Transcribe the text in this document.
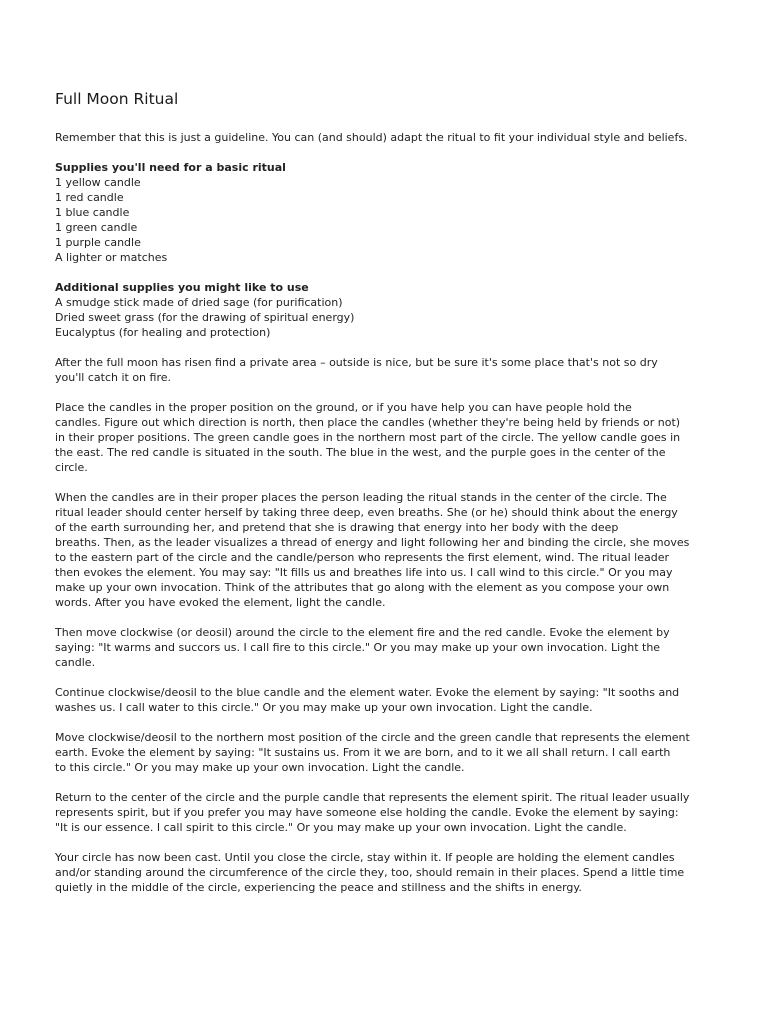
Full Moon Ritual

Remember that this is just a guideline. You can (and should) adapt the ritual to fit your individual style and beliefs.

Supplies you'll need for a basic ritual

1 yellow candle
1 red candle
1 blue candle
1 green candle
1 purple candle
A lighter or matches

Additional supplies you might like to use

A smudge stick made of dried sage (for purification)
Dried sweet grass (for the drawing of spiritual energy)
Eucalyptus (for healing and protection)

After the full moon has risen find a private area – outside is nice, but be sure it's some place that's not so dry
you'll catch it on fire.

Place the candles in the proper position on the ground, or if you have help you can have people hold the
candles. Figure out which direction is north, then place the candles (whether they're being held by friends or not)
in their proper positions. The green candle goes in the northern most part of the circle. The yellow candle goes in
the east. The red candle is situated in the south. The blue in the west, and the purple goes in the center of the
circle.

When the candles are in their proper places the person leading the ritual stands in the center of the circle. The
ritual leader should center herself by taking three deep, even breaths. She (or he) should think about the energy
of the earth surrounding her, and pretend that she is drawing that energy into her body with the deep
breaths. Then, as the leader visualizes a thread of energy and light following her and binding the circle, she moves
to the eastern part of the circle and the candle/person who represents the first element, wind. The ritual leader
then evokes the element. You may say: "It fills us and breathes life into us. I call wind to this circle." Or you may
make up your own invocation. Think of the attributes that go along with the element as you compose your own
words. After you have evoked the element, light the candle.

Then move clockwise (or deosil) around the circle to the element fire and the red candle. Evoke the element by
saying: "It warms and succors us. I call fire to this circle." Or you may make up your own invocation. Light the
candle.

Continue clockwise/deosil to the blue candle and the element water. Evoke the element by saying: "It sooths and
washes us. I call water to this circle." Or you may make up your own invocation. Light the candle.

Move clockwise/deosil to the northern most position of the circle and the green candle that represents the element
earth. Evoke the element by saying: "It sustains us. From it we are born, and to it we all shall return. I call earth
to this circle." Or you may make up your own invocation. Light the candle.

Return to the center of the circle and the purple candle that represents the element spirit. The ritual leader usually
represents spirit, but if you prefer you may have someone else holding the candle. Evoke the element by saying:
"It is our essence. I call spirit to this circle." Or you may make up your own invocation. Light the candle.

Your circle has now been cast. Until you close the circle, stay within it. If people are holding the element candles
and/or standing around the circumference of the circle they, too, should remain in their places. Spend a little time
quietly in the middle of the circle, experiencing the peace and stillness and the shifts in energy.
